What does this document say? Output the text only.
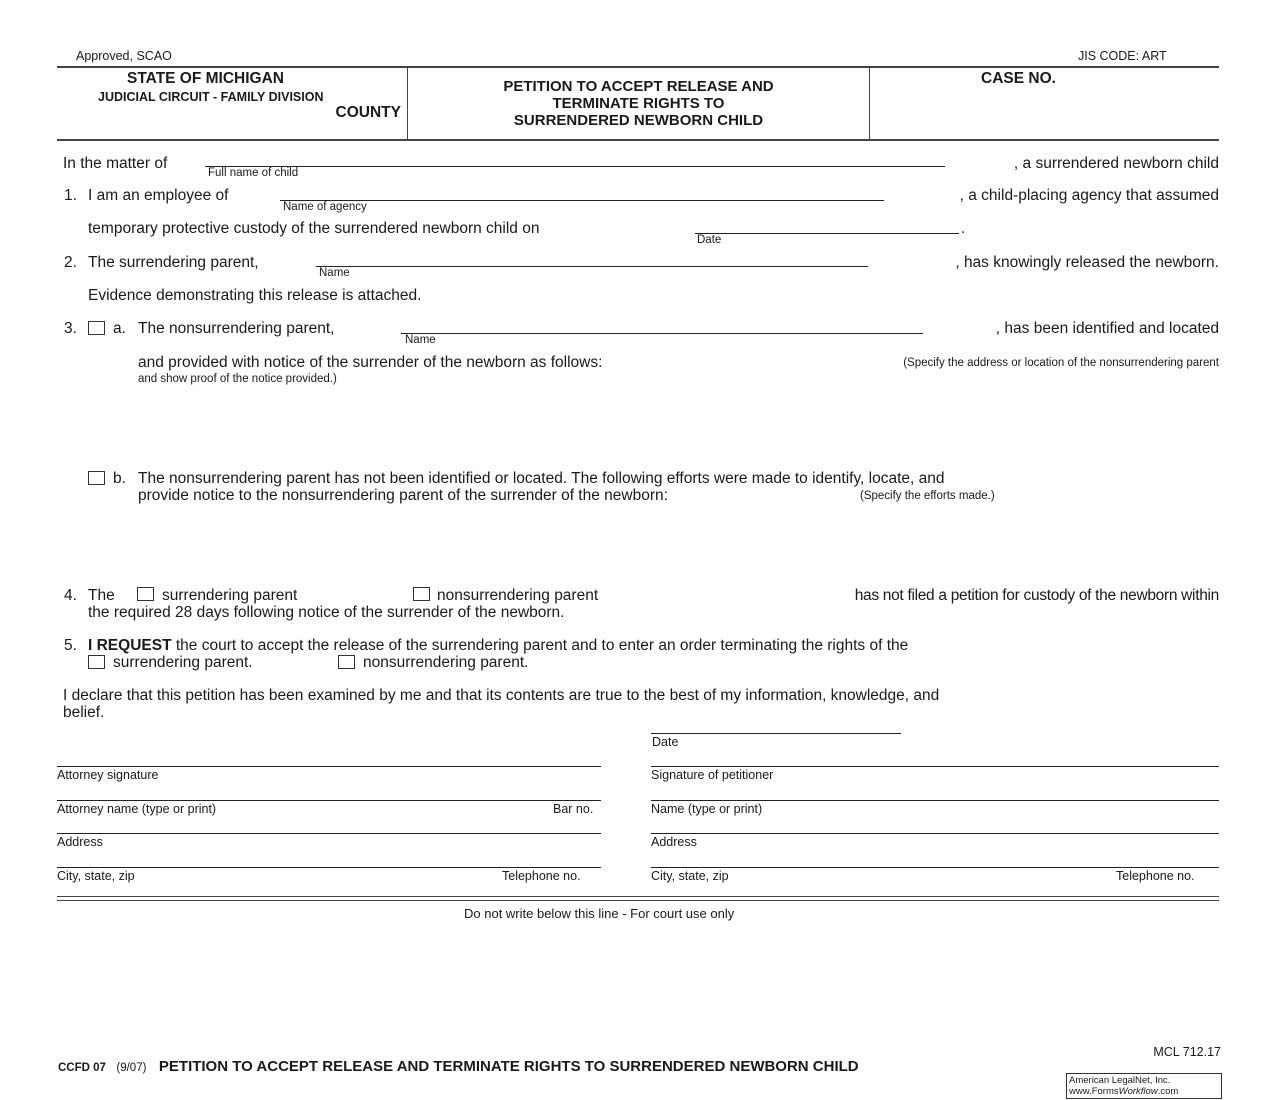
Approved, SCAO	JIS CODE: ART
STATE OF MICHIGAN
JUDICIAL CIRCUIT - FAMILY DIVISION
COUNTY
PETITION TO ACCEPT RELEASE AND
TERMINATE RIGHTS TO
SURRENDERED NEWBORN CHILD
CASE NO.
In the matter of
Full name of child
, a surrendered newborn child
1. I am an employee of
Name of agency
, a child-placing agency that assumed
temporary protective custody of the surrendered newborn child on	.
Date
2. The surrendering parent,
Name
, has knowingly released the newborn.
Evidence demonstrating this release is attached.
3. a. The nonsurrendering parent,
Name
, has been identified and located
and provided with notice of the surrender of the newborn as follows:	(Specify the address or location of the nonsurrendering parent
and show proof of the notice provided.)
b. The nonsurrendering parent has not been identified or located. The following efforts were made to identify, locate, and
provide notice to the nonsurrendering parent of the surrender of the newborn:	(Specify the efforts made.)
4. The	surrendering parent	nonsurrendering parent	has not filed a petition for custody of the newborn within
the required 28 days following notice of the surrender of the newborn.
5. I REQUEST the court to accept the release of the surrendering parent and to enter an order terminating the rights of the
surrendering parent.	nonsurrendering parent.
I declare that this petition has been examined by me and that its contents are true to the best of my information, knowledge, and
belief.
Date
Attorney signature	Signature of petitioner
Attorney name (type or print)	Bar no.	Name (type or print)
Address	Address
City, state, zip	Telephone no.	City, state, zip	Telephone no.
Do not write below this line - For court use only
MCL 712.17
CCFD 07 (9/07) PETITION TO ACCEPT RELEASE AND TERMINATE RIGHTS TO SURRENDERED NEWBORN CHILD
American LegalNet, Inc.
www.FormsWorkflow.com
